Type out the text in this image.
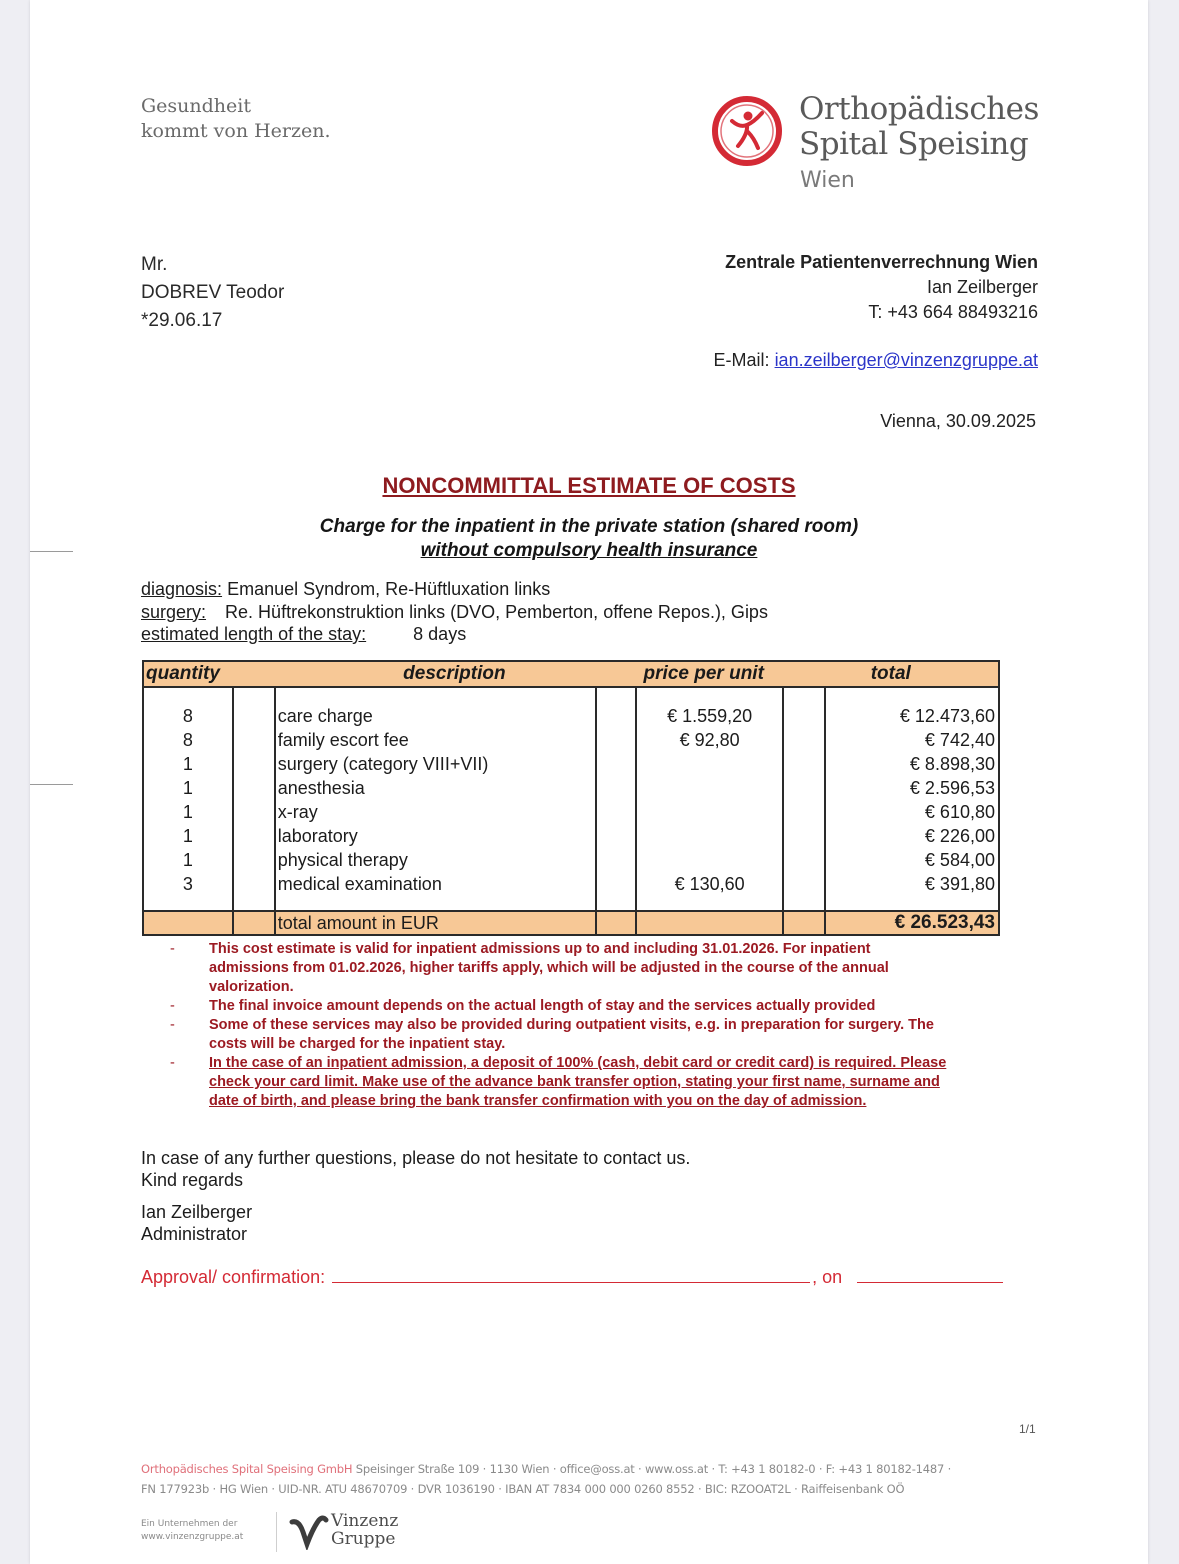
Gesundheit
kommt von Herzen.
Orthopädisches
Spital Speising
Wien
Mr.
DOBREV Teodor
*29.06.17
Zentrale Patientenverrechnung Wien
Ian Zeilberger
T: +43 664 88493216
E-Mail: ian.zeilberger@vinzenzgruppe.at
Vienna, 30.09.2025
NONCOMMITTAL ESTIMATE OF COSTS
Charge for the inpatient in the private station (shared room)
without compulsory health insurance
diagnosis: Emanuel Syndrom, Re-Hüftluxation links
surgery: Re. Hüftrekonstruktion links (DVO, Pemberton, offene Repos.), Gips
estimated length of the stay:	8 days
quantity		description	price per unit		total	

8		care charge		€ 1.559,20		€ 12.473,60
8		family escort fee		€ 92,80		€ 742,40
1		surgery (category VIII+VII)				€ 8.898,30
1		anesthesia				€ 2.596,53
1		x-ray				€ 610,80
1		laboratory				€ 226,00
1		physical therapy				€ 584,00
3		medical examination		€ 130,60		€ 391,80

		total amount in EUR				€ 26.523,43
- This cost estimate is valid for inpatient admissions up to and including 31.01.2026. For inpatient admissions from 01.02.2026, higher tariffs apply, which will be adjusted in the course of the annual valorization.
- The final invoice amount depends on the actual length of stay and the services actually provided
- Some of these services may also be provided during outpatient visits, e.g. in preparation for surgery. The costs will be charged for the inpatient stay.
- In the case of an inpatient admission, a deposit of 100% (cash, debit card or credit card) is required. Please check your card limit. Make use of the advance bank transfer option, stating your first name, surname and date of birth, and please bring the bank transfer confirmation with you on the day of admission.
In case of any further questions, please do not hesitate to contact us.
Kind regards
Ian Zeilberger
Administrator
Approval/ confirmation:	, on
1/1
Orthopädisches Spital Speising GmbH Speisinger Straße 109 · 1130 Wien · office@oss.at · www.oss.at · T: +43 1 80182-0 · F: +43 1 80182-1487 ·
FN 177923b · HG Wien · UID-NR. ATU 48670709 · DVR 1036190 · IBAN AT 7834 000 000 0260 8552 · BIC: RZOOAT2L · Raiffeisenbank OÖ
Ein Unternehmen der
www.vinzenzgruppe.at
Vinzenz
Gruppe
